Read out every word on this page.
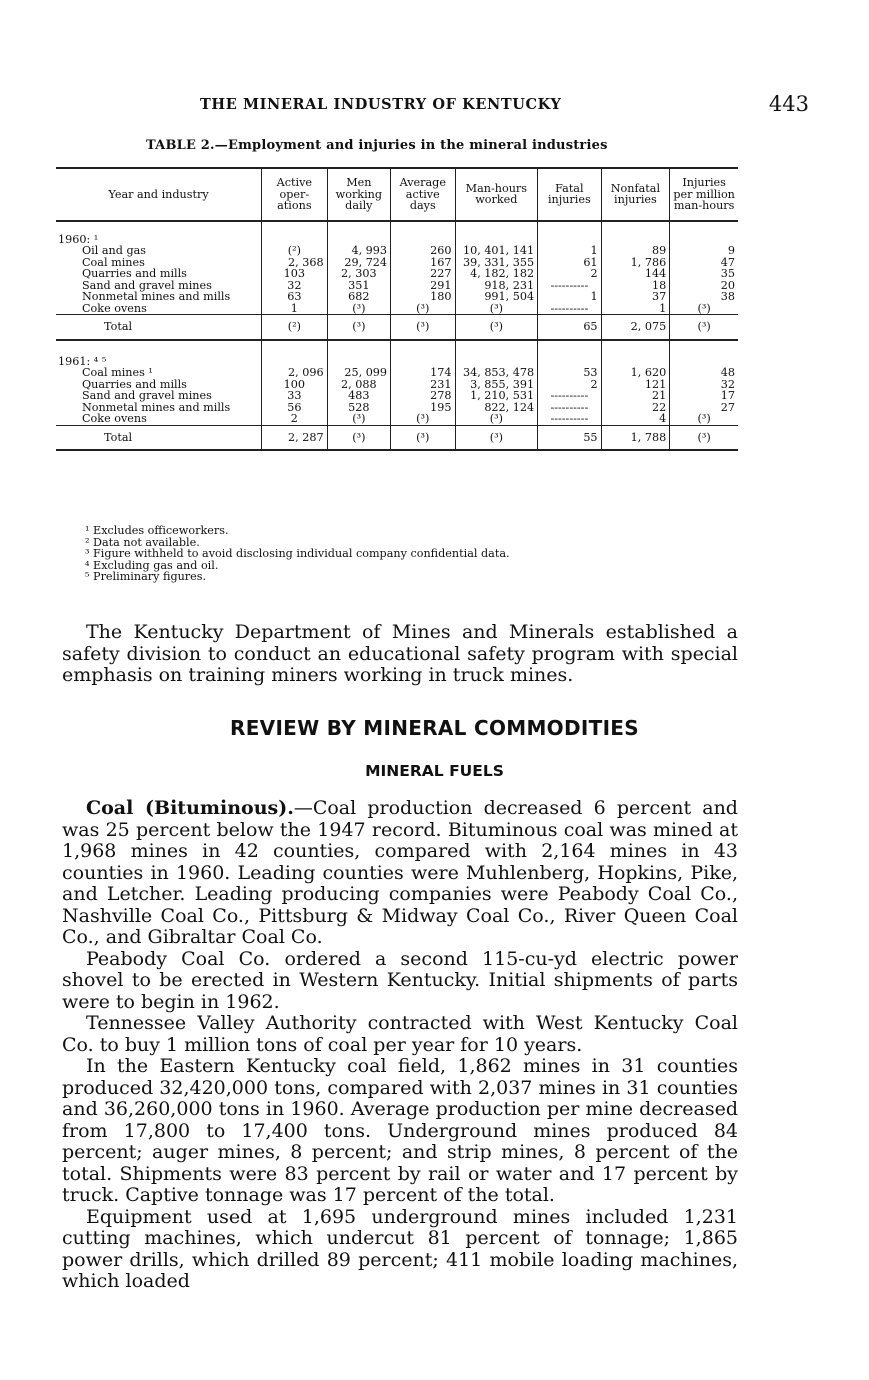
THE MINERAL INDUSTRY OF KENTUCKY	443
TABLE 2.—Employment and injuries in the mineral industries
Year and industry	Active oper-ations	Men working daily	Average active days	Man-hours worked	Fatal injuries	Nonfatal injuries	Injuries per million man-hours
1960: ¹							
Oil and gas	(²)	4, 993	260	10, 401, 141	1	89	9
Coal mines	2, 368	29, 724	167	39, 331, 355	61	1, 786	47
Quarries and mills	103	2, 303	227	4, 182, 182	2	144	35
Sand and gravel mines	32	351	291	918, 231	----------	18	20
Nonmetal mines and mills	63	682	180	991, 504	1	37	38
Coke ovens	1	(³)	(³)	(³)	----------	1	(³)
Total	(²)	(³)	(³)	(³)	65	2, 075	(³)

1961: ⁴ ⁵							
Coal mines ¹	2, 096	25, 099	174	34, 853, 478	53	1, 620	48
Quarries and mills	100	2, 088	231	3, 855, 391	2	121	32
Sand and gravel mines	33	483	278	1, 210, 531	----------	21	17
Nonmetal mines and mills	56	528	195	822, 124	----------	22	27
Coke ovens	2	(³)	(³)	(³)	----------	4	(³)
Total	2, 287	(³)	(³)	(³)	55	1, 788	(³)
¹ Excludes officeworkers.
² Data not available.
³ Figure withheld to avoid disclosing individual company confidential data.
⁴ Excluding gas and oil.
⁵ Preliminary figures.

The Kentucky Department of Mines and Minerals established a safety division to conduct an educational safety program with special emphasis on training miners working in truck mines.

REVIEW BY MINERAL COMMODITIES
MINERAL FUELS

Coal (Bituminous).—Coal production decreased 6 percent and was 25 percent below the 1947 record. Bituminous coal was mined at 1,968 mines in 42 counties, compared with 2,164 mines in 43 counties in 1960. Leading counties were Muhlenberg, Hopkins, Pike, and Letcher. Leading producing companies were Peabody Coal Co., Nashville Coal Co., Pittsburg & Midway Coal Co., River Queen Coal Co., and Gibraltar Coal Co.

Peabody Coal Co. ordered a second 115-cu-yd electric power shovel to be erected in Western Kentucky. Initial shipments of parts were to begin in 1962.

Tennessee Valley Authority contracted with West Kentucky Coal Co. to buy 1 million tons of coal per year for 10 years.

In the Eastern Kentucky coal field, 1,862 mines in 31 counties produced 32,420,000 tons, compared with 2,037 mines in 31 counties and 36,260,000 tons in 1960. Average production per mine decreased from 17,800 to 17,400 tons. Underground mines produced 84 percent; auger mines, 8 percent; and strip mines, 8 percent of the total. Shipments were 83 percent by rail or water and 17 percent by truck. Captive tonnage was 17 percent of the total.

Equipment used at 1,695 underground mines included 1,231 cutting machines, which undercut 81 percent of tonnage; 1,865 power drills, which drilled 89 percent; 411 mobile loading machines, which loaded
